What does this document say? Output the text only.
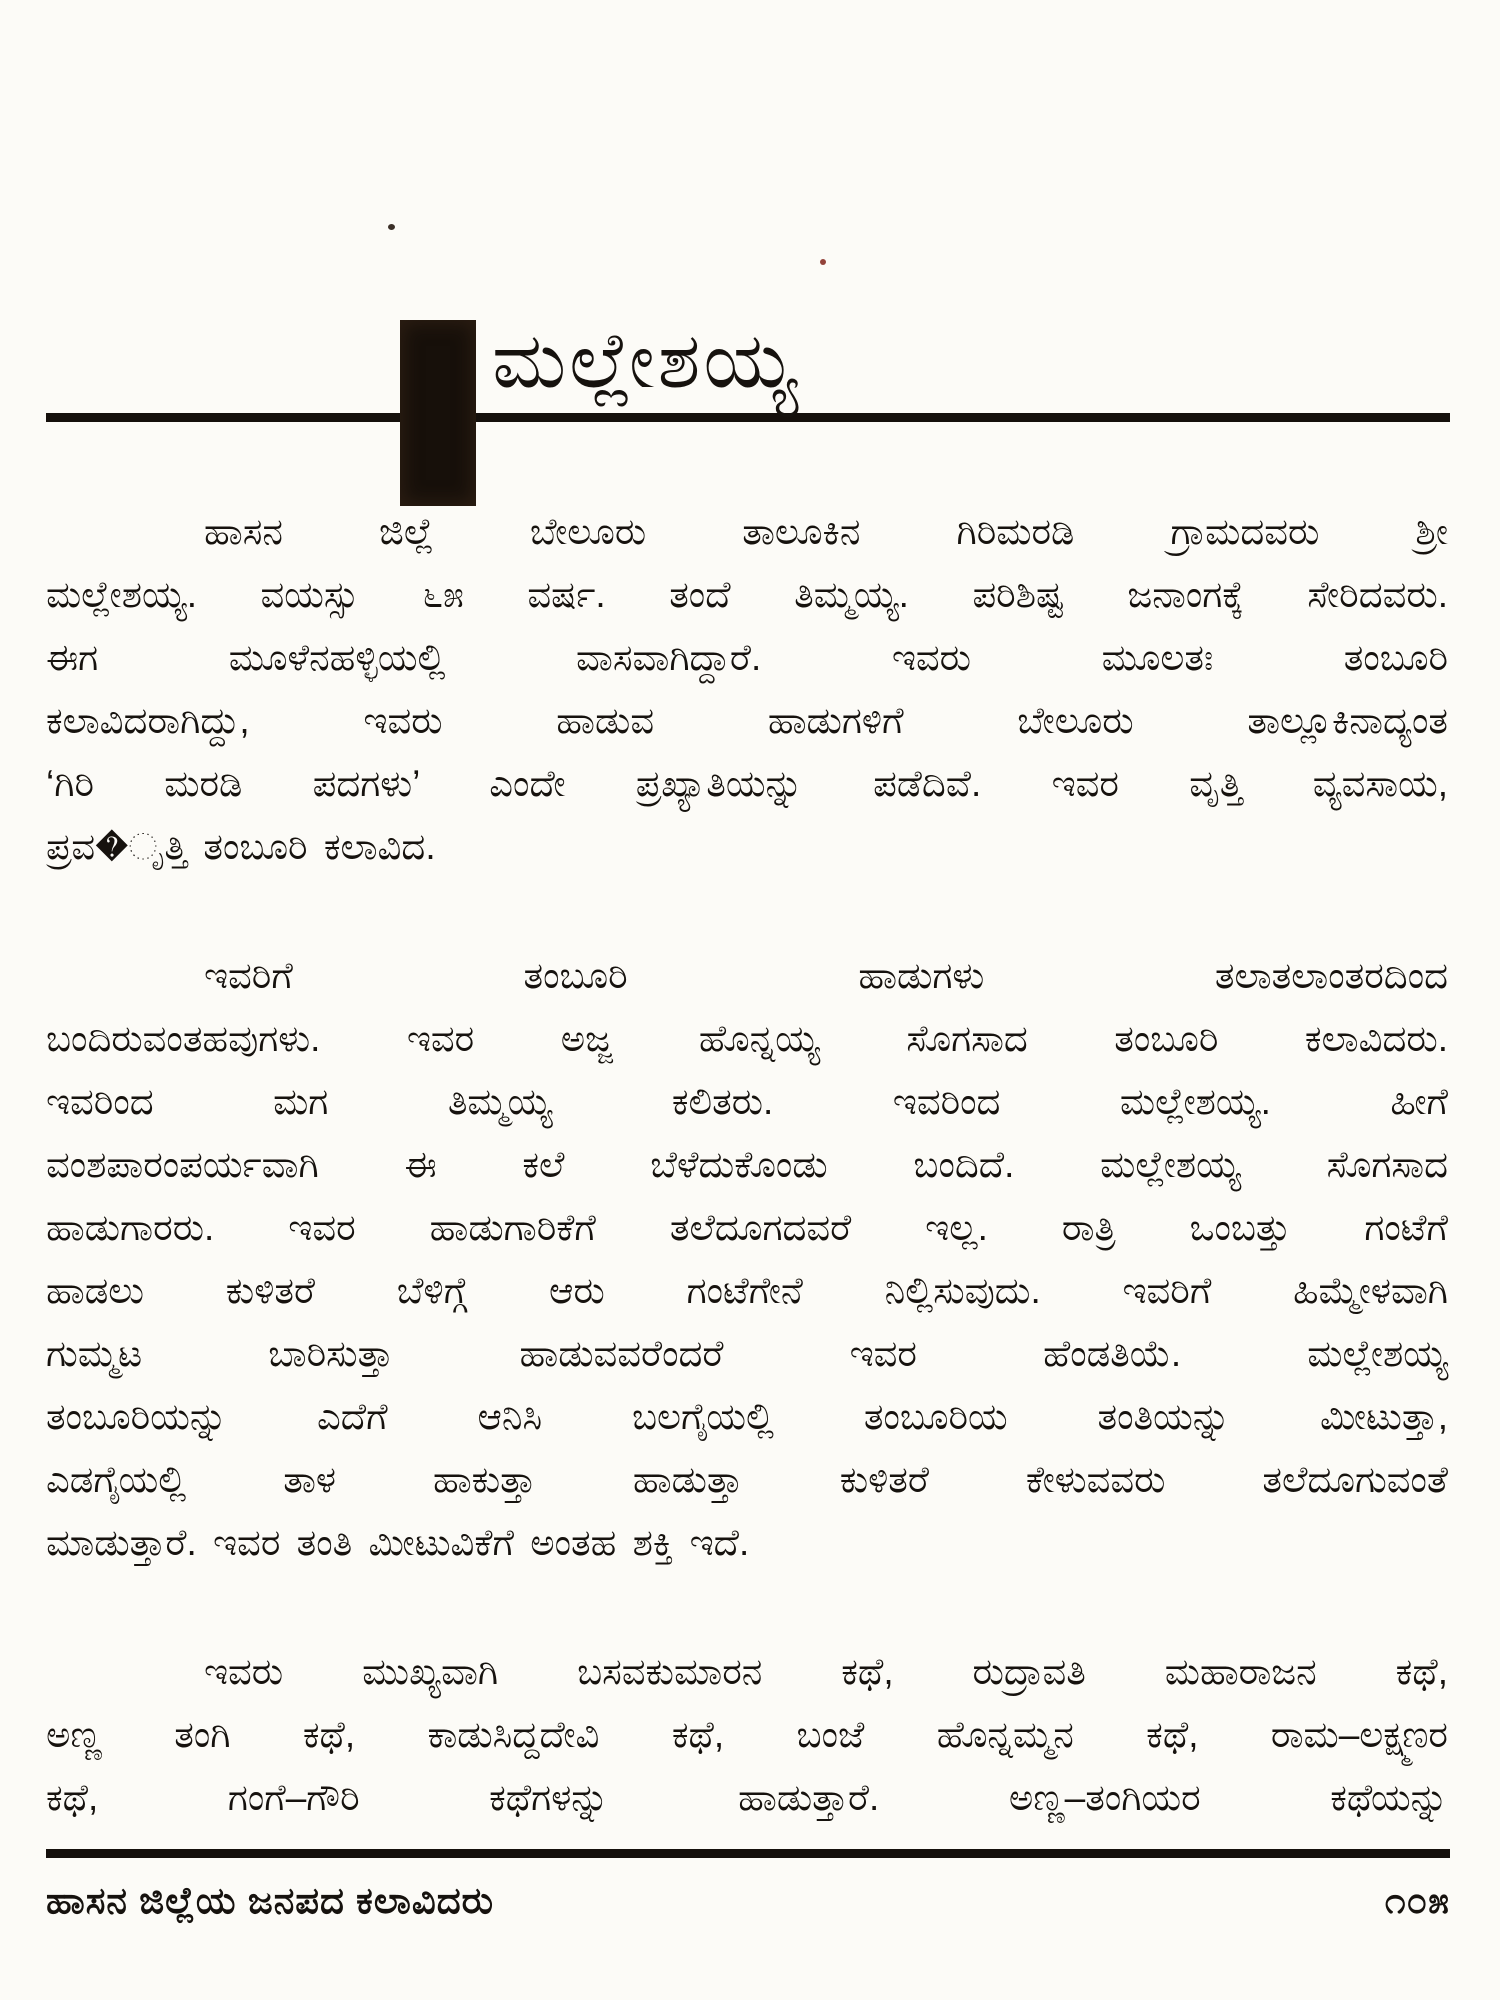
ಮಲ್ಲೇಶಯ್ಯ
ಹಾಸನ ಜಿಲ್ಲೆ ಬೇಲೂರು ತಾಲೂಕಿನ ಗಿರಿಮರಡಿ ಗ್ರಾಮದವರು ಶ್ರೀ
ಮಲ್ಲೇಶಯ್ಯ. ವಯಸ್ಸು ೬೫ ವರ್ಷ. ತಂದೆ ತಿಮ್ಮಯ್ಯ. ಪರಿಶಿಷ್ಟ ಜನಾಂಗಕ್ಕೆ ಸೇರಿದವರು.
ಈಗ ಮೂಳೆನಹಳ್ಳಿಯಲ್ಲಿ ವಾಸವಾಗಿದ್ದಾರೆ. ಇವರು ಮೂಲತಃ ತಂಬೂರಿ
ಕಲಾವಿದರಾಗಿದ್ದು, ಇವರು ಹಾಡುವ ಹಾಡುಗಳಿಗೆ ಬೇಲೂರು ತಾಲ್ಲೂಕಿನಾದ್ಯಂತ
‘ಗಿರಿ ಮರಡಿ ಪದಗಳು’ ಎಂದೇ ಪ್ರಖ್ಯಾತಿಯನ್ನು ಪಡೆದಿವೆ. ಇವರ ವೃತ್ತಿ ವ್ಯವಸಾಯ,
ಪ್ರವ�ೃತ್ತಿ ತಂಬೂರಿ ಕಲಾವಿದ.
ಇವರಿಗೆ ತಂಬೂರಿ ಹಾಡುಗಳು ತಲಾತಲಾಂತರದಿಂದ
ಬಂದಿರುವಂತಹವುಗಳು. ಇವರ ಅಜ್ಜ ಹೊನ್ನಯ್ಯ ಸೊಗಸಾದ ತಂಬೂರಿ ಕಲಾವಿದರು.
ಇವರಿಂದ ಮಗ ತಿಮ್ಮಯ್ಯ ಕಲಿತರು. ಇವರಿಂದ ಮಲ್ಲೇಶಯ್ಯ. ಹೀಗೆ
ವಂಶಪಾರಂಪರ್ಯವಾಗಿ ಈ ಕಲೆ ಬೆಳೆದುಕೊಂಡು ಬಂದಿದೆ. ಮಲ್ಲೇಶಯ್ಯ ಸೊಗಸಾದ
ಹಾಡುಗಾರರು. ಇವರ ಹಾಡುಗಾರಿಕೆಗೆ ತಲೆದೂಗದವರೆ ಇಲ್ಲ. ರಾತ್ರಿ ಒಂಬತ್ತು ಗಂಟೆಗೆ
ಹಾಡಲು ಕುಳಿತರೆ ಬೆಳಿಗ್ಗೆ ಆರು ಗಂಟೆಗೇನೆ ನಿಲ್ಲಿಸುವುದು. ಇವರಿಗೆ ಹಿಮ್ಮೇಳವಾಗಿ
ಗುಮ್ಮಟ ಬಾರಿಸುತ್ತಾ ಹಾಡುವವರೆಂದರೆ ಇವರ ಹೆಂಡತಿಯೆ. ಮಲ್ಲೇಶಯ್ಯ
ತಂಬೂರಿಯನ್ನು ಎದೆಗೆ ಆನಿಸಿ ಬಲಗೈಯಲ್ಲಿ ತಂಬೂರಿಯ ತಂತಿಯನ್ನು ಮೀಟುತ್ತಾ,
ಎಡಗೈಯಲ್ಲಿ ತಾಳ ಹಾಕುತ್ತಾ ಹಾಡುತ್ತಾ ಕುಳಿತರೆ ಕೇಳುವವರು ತಲೆದೂಗುವಂತೆ
ಮಾಡುತ್ತಾರೆ. ಇವರ ತಂತಿ ಮೀಟುವಿಕೆಗೆ ಅಂತಹ ಶಕ್ತಿ ಇದೆ.
ಇವರು ಮುಖ್ಯವಾಗಿ ಬಸವಕುಮಾರನ ಕಥೆ, ರುದ್ರಾವತಿ ಮಹಾರಾಜನ ಕಥೆ,
ಅಣ್ಣ ತಂಗಿ ಕಥೆ, ಕಾಡುಸಿದ್ದದೇವಿ ಕಥೆ, ಬಂಜೆ ಹೊನ್ನಮ್ಮನ ಕಥೆ, ರಾಮ–ಲಕ್ಷ್ಮಣರ
ಕಥೆ, ಗಂಗೆ–ಗೌರಿ ಕಥೆಗಳನ್ನು ಹಾಡುತ್ತಾರೆ. ಅಣ್ಣ–ತಂಗಿಯರ ಕಥೆಯನ್ನು
ಹಾಸನ ಜಿಲ್ಲೆಯ ಜನಪದ ಕಲಾವಿದರು	೧೦೫
